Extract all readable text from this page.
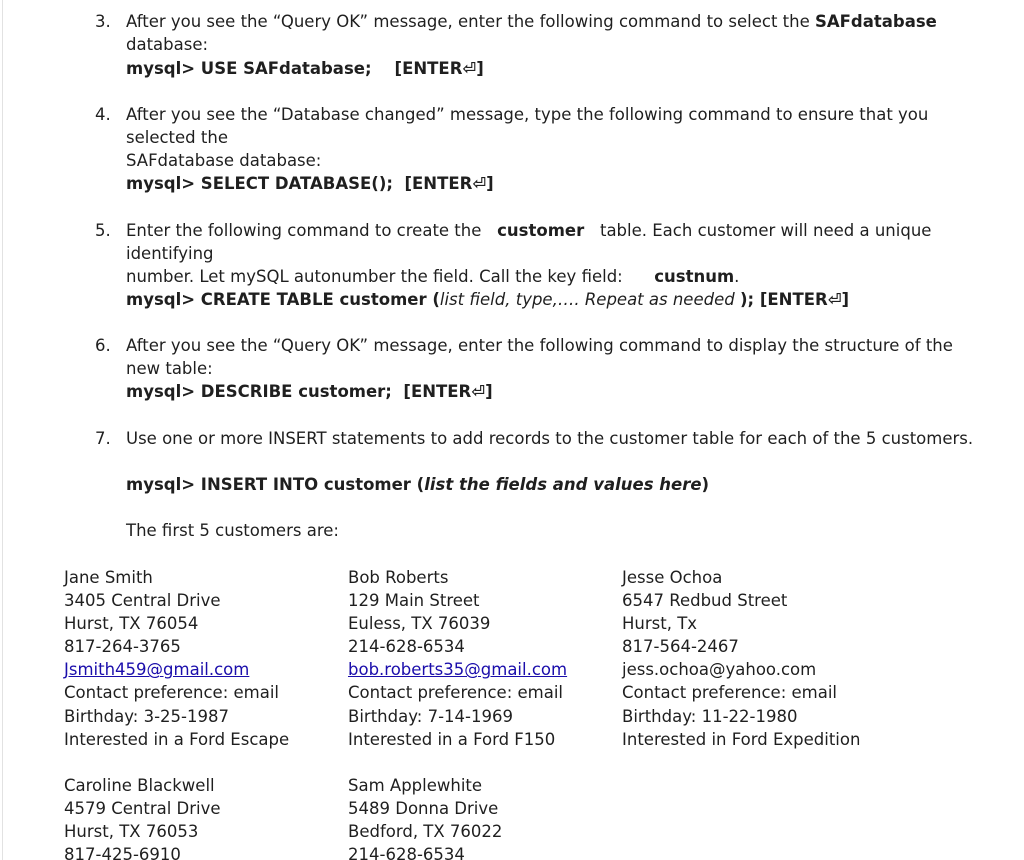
3. After you see the “Query OK” message, enter the following command to select the SAFdatabase database:
mysql> USE SAFdatabase; [ENTER⏎]
4. After you see the “Database changed” message, type the following command to ensure that you selected the
SAFdatabase database:
mysql> SELECT DATABASE(); [ENTER⏎]
5. Enter the following command to create the   customer   table. Each customer will need a unique identifying
number. Let mySQL autonumber the field. Call the key field: custnum.
mysql> CREATE TABLE customer (list field, type,…. Repeat as needed ); [ENTER⏎]
6. After you see the “Query OK” message, enter the following command to display the structure of the new table:
mysql> DESCRIBE customer; [ENTER⏎]
7. Use one or more INSERT statements to add records to the customer table for each of the 5 customers.
mysql> INSERT INTO customer (list the fields and values here)
The first 5 customers are:
Jane Smith
3405 Central Drive
Hurst, TX 76054
817-264-3765
Jsmith459@gmail.com
Contact preference: email
Birthday: 3-25-1987
Interested in a Ford Escape
Bob Roberts
129 Main Street
Euless, TX 76039
214-628-6534
bob.roberts35@gmail.com
Contact preference: email
Birthday: 7-14-1969
Interested in a Ford F150
Jesse Ochoa
6547 Redbud Street
Hurst, Tx
817-564-2467
jess.ochoa@yahoo.com
Contact preference: email
Birthday: 11-22-1980
Interested in Ford Expedition
Caroline Blackwell
4579 Central Drive
Hurst, TX 76053
817-425-6910
Sam Applewhite
5489 Donna Drive
Bedford, TX 76022
214-628-6534
